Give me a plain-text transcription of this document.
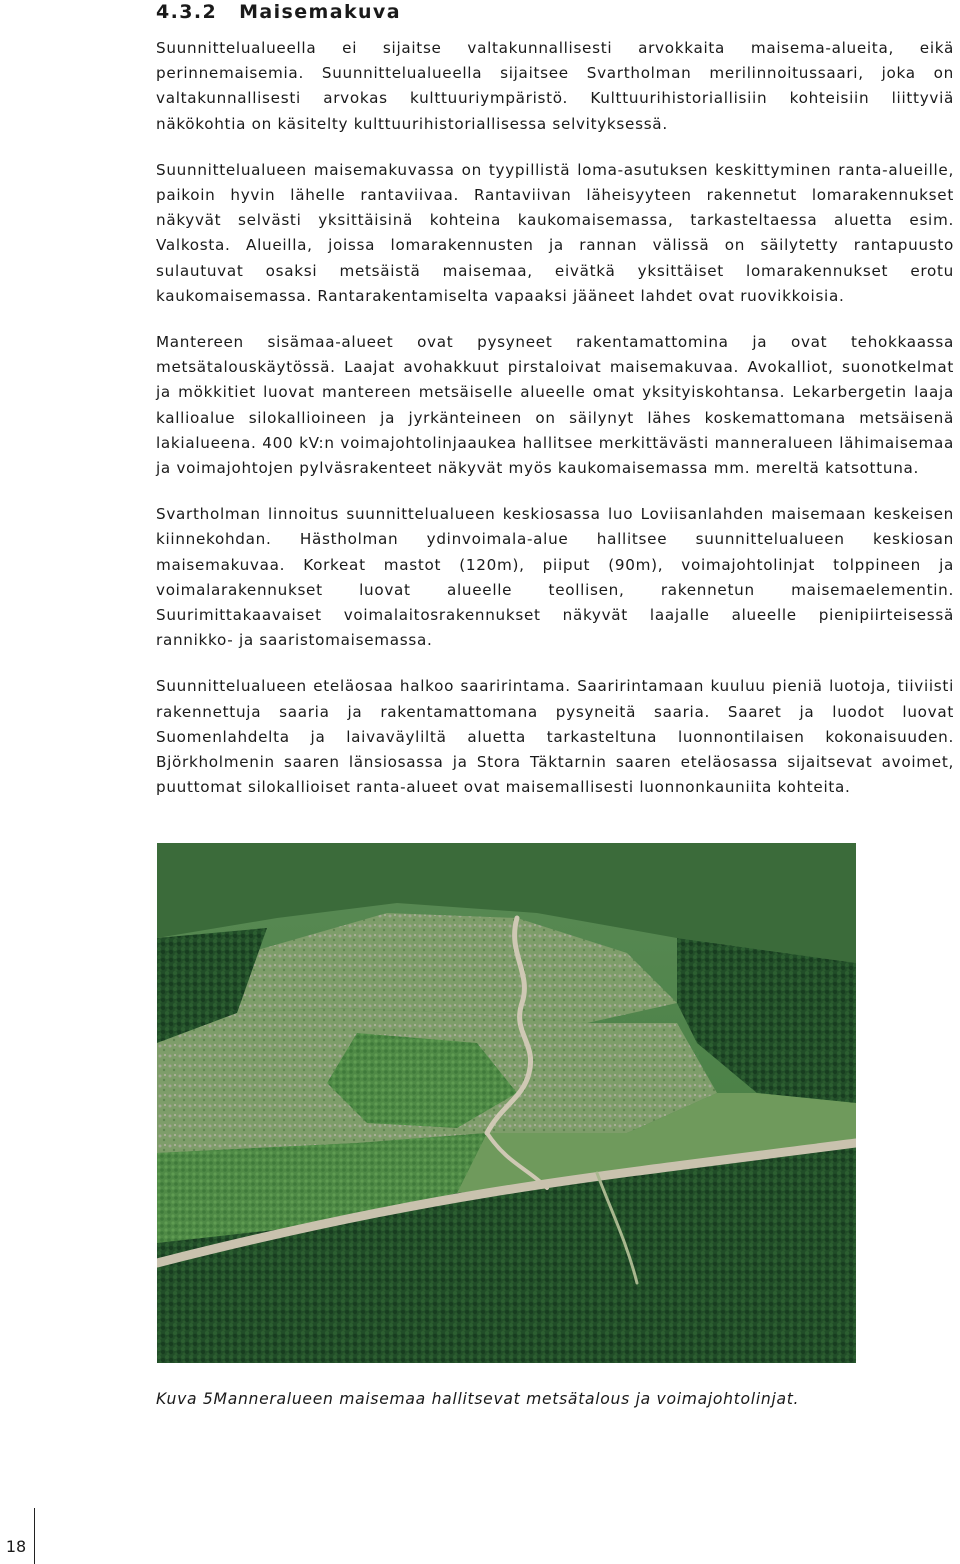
4.3.2 Maisemakuva

Suunnittelualueella ei sijaitse valtakunnallisesti arvokkaita maisema-alueita, eikä perinnemaisemia. Suunnittelualueella sijaitsee Svartholman merilinnoitussaari, joka on valtakunnallisesti arvokas kulttuuriympäristö. Kulttuurihistoriallisiin kohteisiin liittyviä näkökohtia on käsitelty kulttuurihistoriallisessa selvityksessä.

Suunnittelualueen maisemakuvassa on tyypillistä loma-asutuksen keskittyminen ranta-alueille, paikoin hyvin lähelle rantaviivaa. Rantaviivan läheisyyteen rakennetut lomarakennukset näkyvät selvästi yksittäisinä kohteina kaukomaisemassa, tarkasteltaessa aluetta esim. Valkosta. Alueilla, joissa lomarakennusten ja rannan välissä on säilytetty rantapuusto sulautuvat osaksi metsäistä maisemaa, eivätkä yksittäiset lomarakennukset erotu kaukomaisemassa. Rantarakentamiselta vapaaksi jääneet lahdet ovat ruovikkoisia.

Mantereen sisämaa-alueet ovat pysyneet rakentamattomina ja ovat tehokkaassa metsätalouskäytössä. Laajat avohakkuut pirstaloivat maisemakuvaa. Avokalliot, suonotkelmat ja mökkitiet luovat mantereen metsäiselle alueelle omat yksityiskohtansa. Lekarbergetin laaja kallioalue silokallioineen ja jyrkänteineen on säilynyt lähes koskemattomana metsäisenä lakialueena. 400 kV:n voimajohtolinjaaukea hallitsee merkittävästi manneralueen lähimaisemaa ja voimajohtojen pylväsrakenteet näkyvät myös kaukomaisemassa mm. mereltä katsottuna.

Svartholman linnoitus suunnittelualueen keskiosassa luo Loviisanlahden maisemaan keskeisen kiinnekohdan. Hästholman ydinvoimala-alue hallitsee suunnittelualueen keskiosan maisemakuvaa. Korkeat mastot (120m), piiput (90m), voimajohtolinjat tolppineen ja voimalarakennukset luovat alueelle teollisen, rakennetun maisemaelementin. Suurimittakaavaiset voimalaitosrakennukset näkyvät laajalle alueelle pienipiirteisessä rannikko- ja saaristomaisemassa.

Suunnittelualueen eteläosaa halkoo saaririntama. Saaririntamaan kuuluu pieniä luotoja, tiiviisti rakennettuja saaria ja rakentamattomana pysyneitä saaria. Saaret ja luodot luovat Suomenlahdelta ja laivaväyliltä aluetta tarkasteltuna luonnontilaisen kokonaisuuden. Björkholmenin saaren länsiosassa ja Stora Täktarnin saaren eteläosassa sijaitsevat avoimet, puuttomat silokallioiset ranta-alueet ovat maisemallisesti luonnonkauniita kohteita.

Kuva 5Manneralueen maisemaa hallitsevat metsätalous ja voimajohtolinjat.

18
